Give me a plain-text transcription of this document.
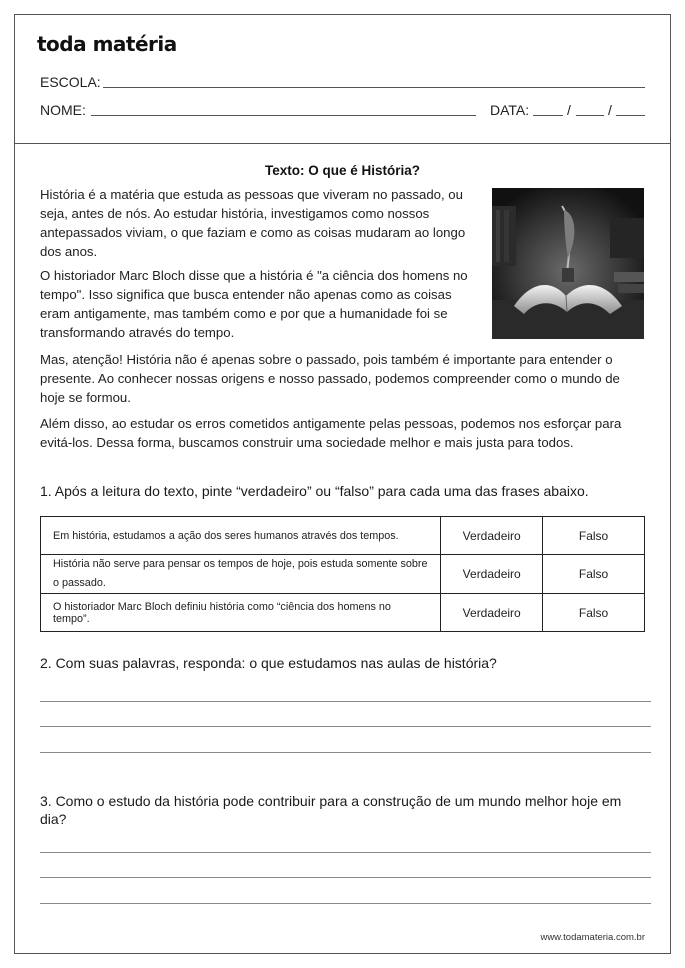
toda matéria
ESCOLA:
NOME:	DATA:	/	/
Texto: O que é História?

História é a matéria que estuda as pessoas que viveram no passado, ou seja, antes de nós. Ao estudar história, investigamos como nossos antepassados viviam, o que faziam e como as coisas mudaram ao longo dos anos.

O historiador Marc Bloch disse que a história é "a ciência dos homens no tempo". Isso significa que busca entender não apenas como as coisas eram antigamente, mas também como e por que a humanidade foi se transformando através do tempo.

Mas, atenção! História não é apenas sobre o passado, pois também é importante para entender o presente. Ao conhecer nossas origens e nosso passado, podemos compreender como o mundo de hoje se formou.

Além disso, ao estudar os erros cometidos antigamente pelas pessoas, podemos nos esforçar para evitá-los. Dessa forma, buscamos construir uma sociedade melhor e mais justa para todos.

1. Após a leitura do texto, pinte “verdadeiro” ou “falso” para cada uma das frases abaixo.
Em história, estudamos a ação dos seres humanos através dos tempos.	Verdadeiro	Falso
História não serve para pensar os tempos de hoje, pois estuda somente sobre o passado.	Verdadeiro	Falso
O historiador Marc Bloch definiu história como “ciência dos homens no tempo”.	Verdadeiro	Falso
2. Com suas palavras, responda: o que estudamos nas aulas de história?
3. Como o estudo da história pode contribuir para a construção de um mundo melhor hoje em dia?
www.todamateria.com.br
